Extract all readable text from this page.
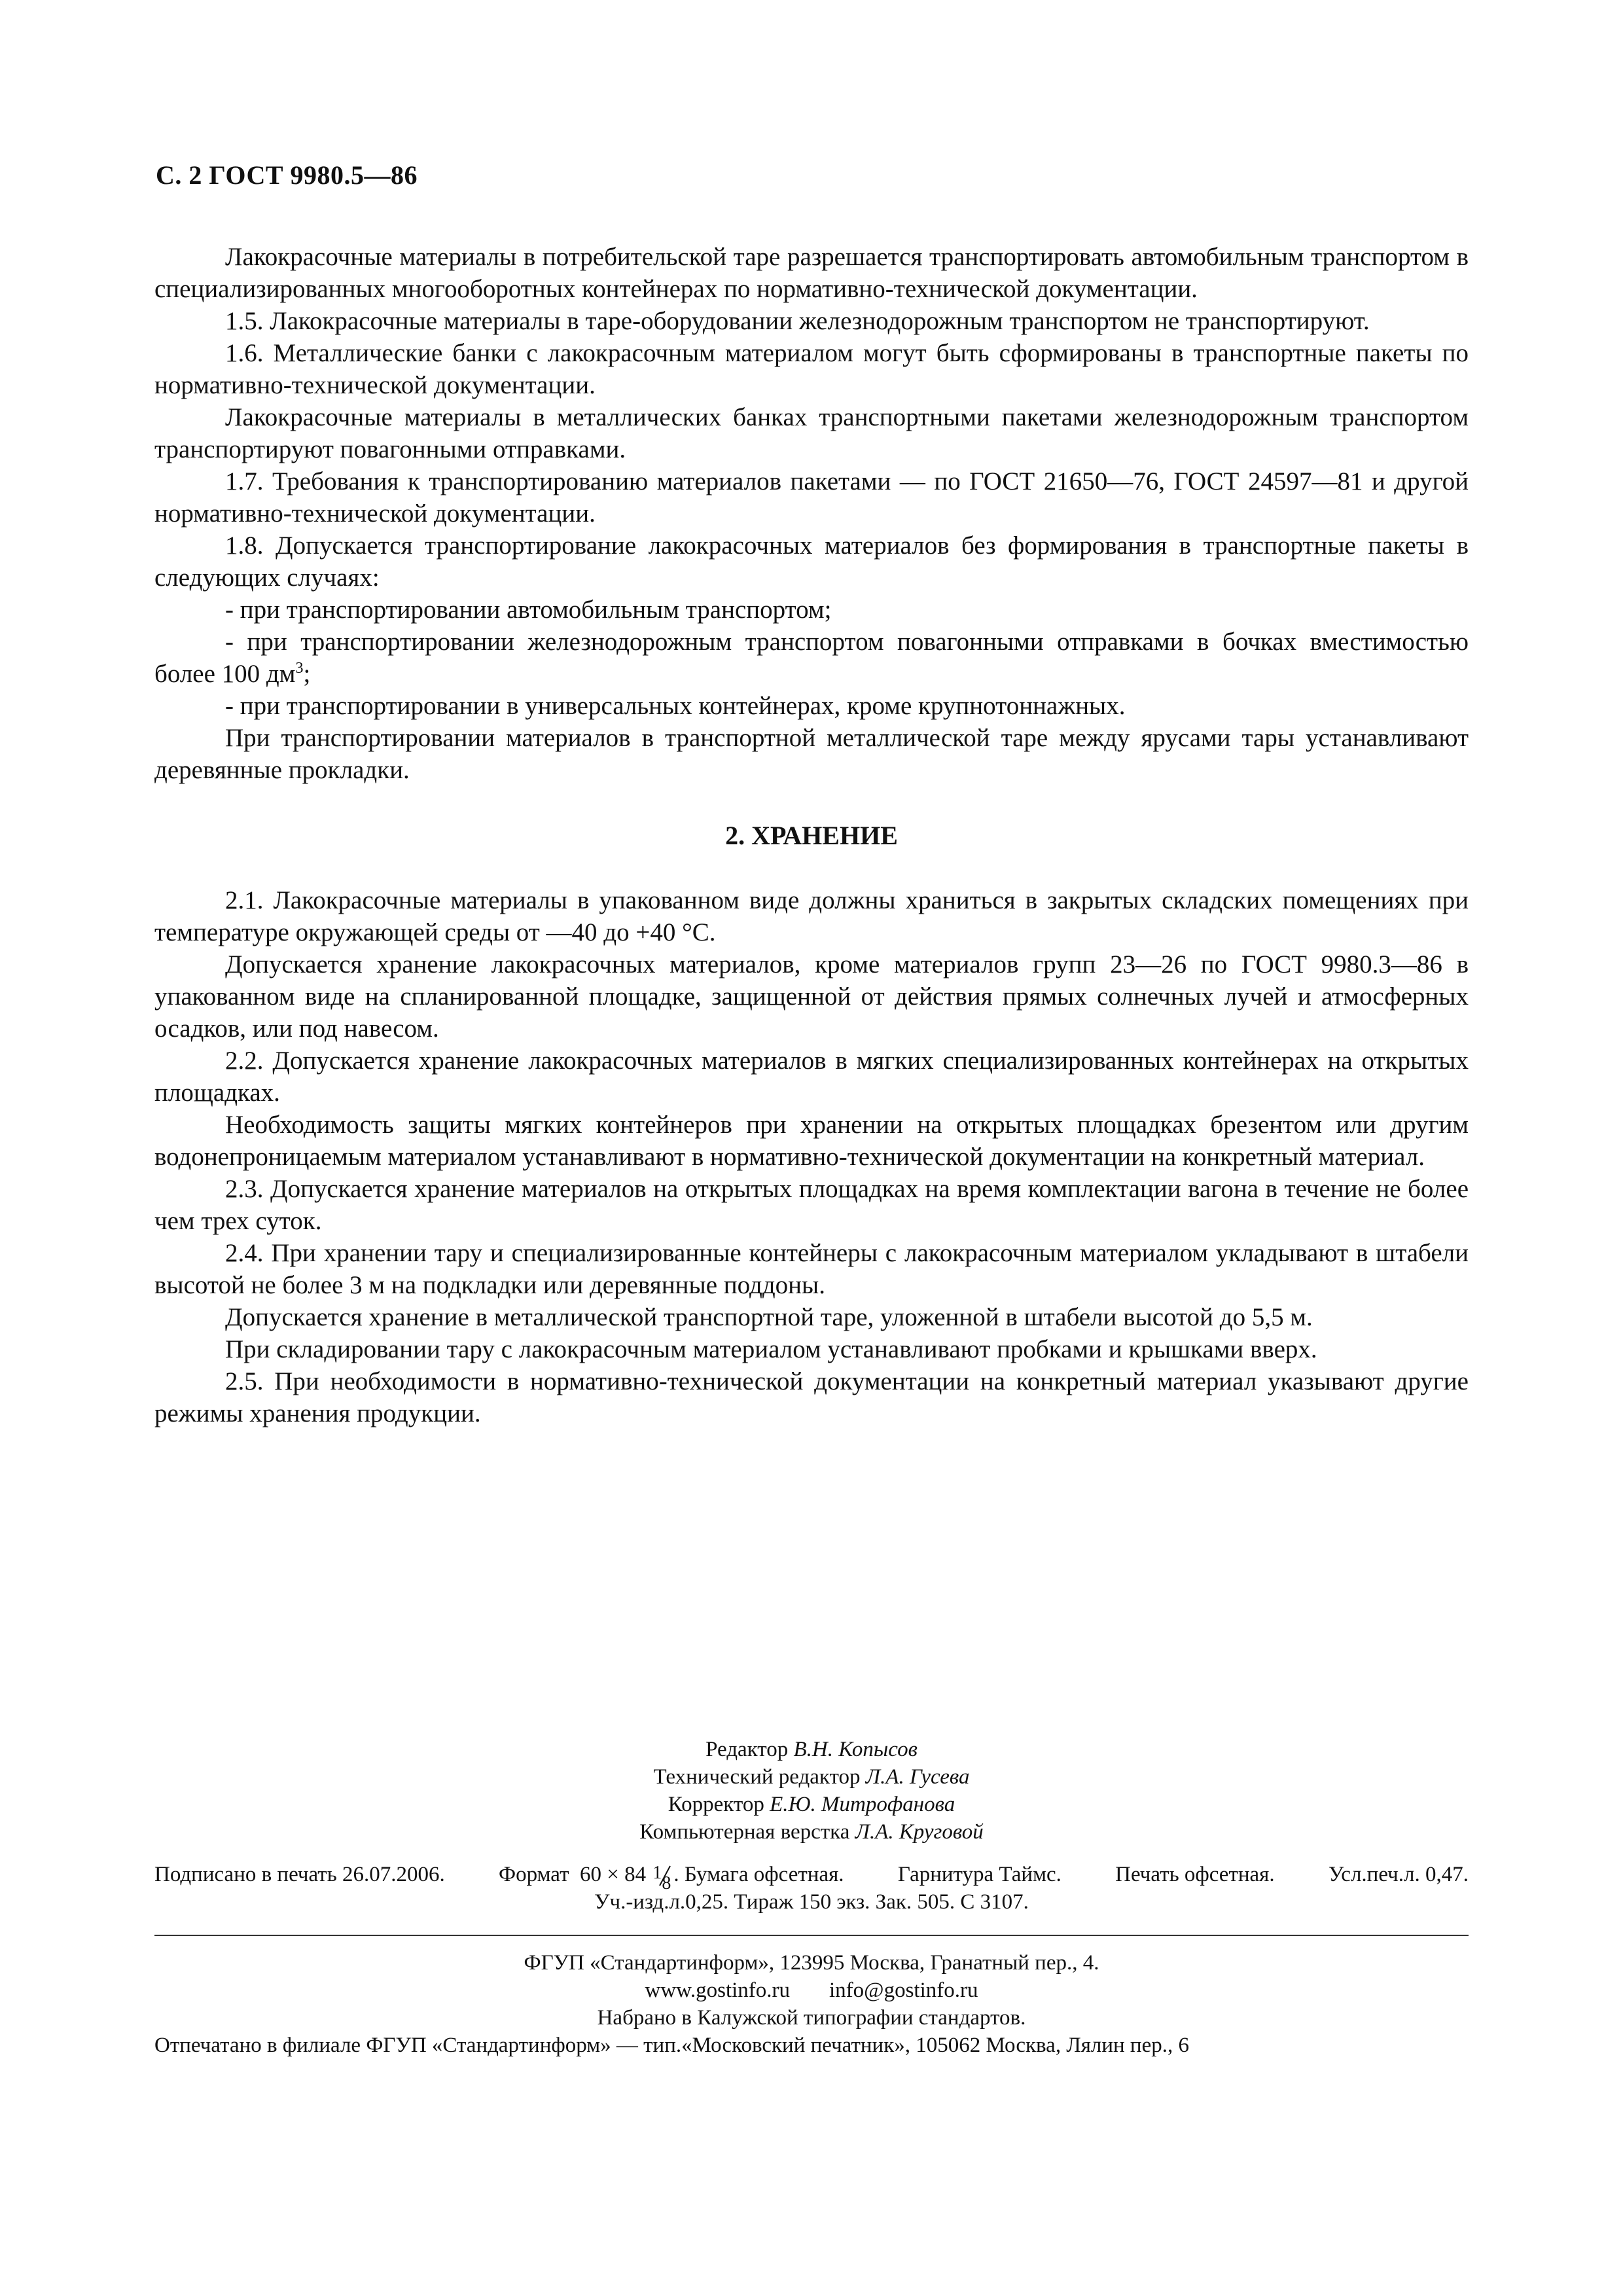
С. 2 ГОСТ 9980.5—86

Лакокрасочные материалы в потребительской таре разрешается транспортировать автомобильным транспортом в специализированных многооборотных контейнерах по нормативно-технической документации.

1.5. Лакокрасочные материалы в таре-оборудовании железнодорожным транспортом не транспортируют.

1.6. Металлические банки с лакокрасочным материалом могут быть сформированы в транспортные пакеты по нормативно-технической документации.

Лакокрасочные материалы в металлических банках транспортными пакетами железнодорожным транспортом транспортируют повагонными отправками.

1.7. Требования к транспортированию материалов пакетами — по ГОСТ 21650—76, ГОСТ 24597—81 и другой нормативно-технической документации.

1.8. Допускается транспортирование лакокрасочных материалов без формирования в транспортные пакеты в следующих случаях:

- при транспортировании автомобильным транспортом;

- при транспортировании железнодорожным транспортом повагонными отправками в бочках вместимостью более 100 $дм^3$;

- при транспортировании в универсальных контейнерах, кроме крупнотоннажных.

При транспортировании материалов в транспортной металлической таре между ярусами тары устанавливают деревянные прокладки.

2. ХРАНЕНИЕ

2.1. Лакокрасочные материалы в упакованном виде должны храниться в закрытых складских помещениях при температуре окружающей среды от —40 до +40 °С.

Допускается хранение лакокрасочных материалов, кроме материалов групп 23—26 по ГОСТ 9980.3—86 в упакованном виде на спланированной площадке, защищенной от действия прямых солнечных лучей и атмосферных осадков, или под навесом.

2.2. Допускается хранение лакокрасочных материалов в мягких специализированных контейнерах на открытых площадках.

Необходимость защиты мягких контейнеров при хранении на открытых площадках брезентом или другим водонепроницаемым материалом устанавливают в нормативно-технической документации на конкретный материал.

2.3. Допускается хранение материалов на открытых площадках на время комплектации вагона в течение не более чем трех суток.

2.4. При хранении тару и специализированные контейнеры с лакокрасочным материалом укладывают в штабели высотой не более 3 м на подкладки или деревянные поддоны.

Допускается хранение в металлической транспортной таре, уложенной в штабели высотой до 5,5 м.

При складировании тару с лакокрасочным материалом устанавливают пробками и крышками вверх.

2.5. При необходимости в нормативно-технической документации на конкретный материал указывают другие режимы хранения продукции.

Редактор В.Н. Копысов
Технический редактор Л.А. Гусева
Корректор Е.Ю. Митрофанова
Компьютерная верстка Л.А. Круговой
Подписано в печать 26.07.2006. Формат 60 × 84 1
8 . Бумага офсетная. Гарнитура Таймс. Печать офсетная. Усл.печ.л. 0,47.
Уч.-изд.л.0,25. Тираж 150 экз. Зак. 505. С 3107.
ФГУП «Стандартинформ», 123995 Москва, Гранатный пер., 4.
www.gostinfo.ru info@gostinfo.ru
Набрано в Калужской типографии стандартов.
Отпечатано в филиале ФГУП «Стандартинформ» — тип.«Московский печатник», 105062 Москва, Лялин пер., 6
